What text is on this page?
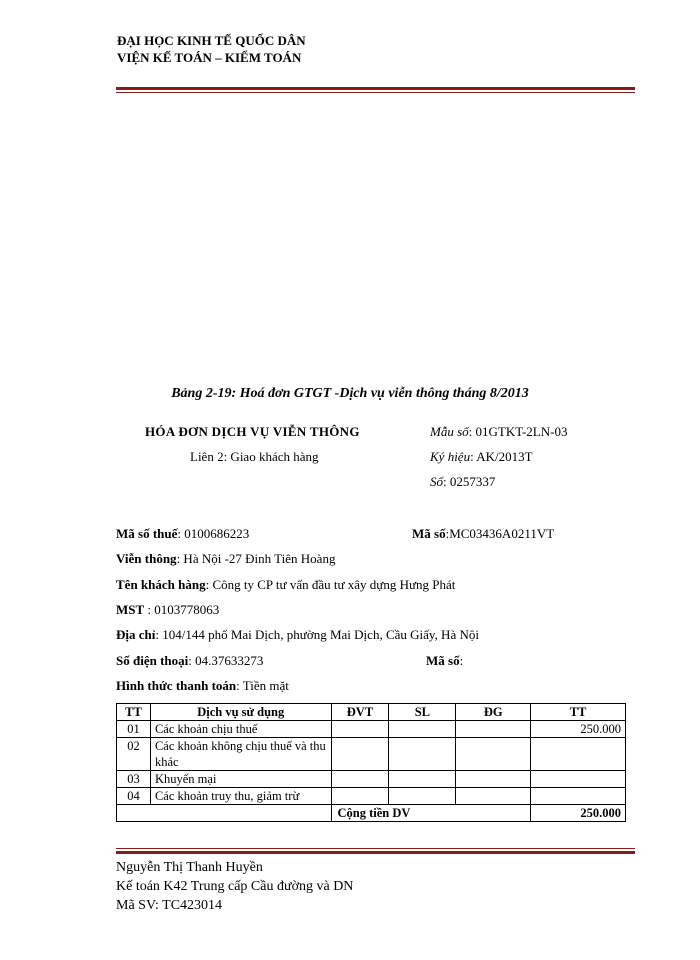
ĐẠI HỌC KINH TẾ QUỐC DÂN
VIỆN KẾ TOÁN – KIỂM TOÁN
Bảng 2-19: Hoá đơn GTGT -Dịch vụ viễn thông tháng 8/2013
HÓA ĐƠN DỊCH VỤ VIỄN THÔNG
Liên 2: Giao khách hàng
Mẫu số: 01GTKT-2LN-03
Ký hiệu: AK/2013T
Số: 0257337
Mã số thuế: 0100686223	Mã số:MC03436A0211VT
Viễn thông: Hà Nội -27 Đinh Tiên Hoàng
Tên khách hàng: Công ty CP tư vấn đầu tư xây dựng Hưng Phát
MST : 0103778063
Địa chỉ: 104/144 phố Mai Dịch, phường Mai Dịch, Cầu Giấy, Hà Nội
Số điện thoại: 04.37633273	Mã số:
Hình thức thanh toán: Tiền mặt
TT	Dịch vụ sử dụng	ĐVT	SL	ĐG	TT
01	Các khoản chịu thuế				250.000
02	Các khoản không chịu thuế và thu khác				
03	Khuyến mại				
04	Các khoản truy thu, giảm trừ				
		Cộng tiền DV			250.000
Nguyễn Thị Thanh Huyền
Kế toán K42 Trung cấp Cầu đường và DN
Mã SV: TC423014
